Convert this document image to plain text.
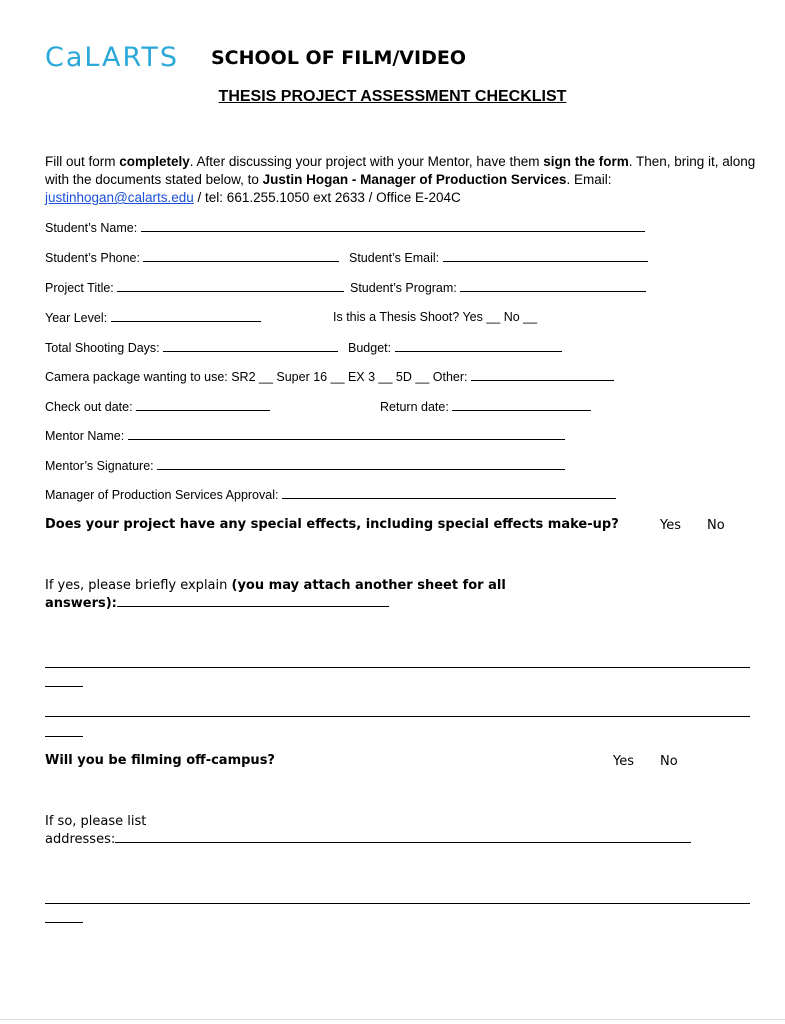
CaLARTS SCHOOL OF FILM/VIDEO
THESIS PROJECT ASSESSMENT CHECKLIST
Fill out form completely. After discussing your project with your Mentor, have them sign the form. Then, bring it, along with the documents stated below, to Justin Hogan - Manager of Production Services. Email: justinhogan@calarts.edu / tel: 661.255.1050 ext 2633 / Office E-204C
Student’s Name:
Student’s Phone:	Student’s Email:
Project Title:	Student’s Program:
Year Level:	Is this a Thesis Shoot? Yes __ No __
Total Shooting Days:	Budget:
Camera package wanting to use: SR2 __ Super 16 __ EX 3 __ 5D __ Other:
Check out date:	Return date:
Mentor Name:
Mentor’s Signature:
Manager of Production Services Approval:
Does your project have any special effects, including special effects make-up?	Yes No
If yes, please briefly explain (you may attach another sheet for all
answers):
Will you be filming off-campus?	Yes No
If so, please list
addresses:
